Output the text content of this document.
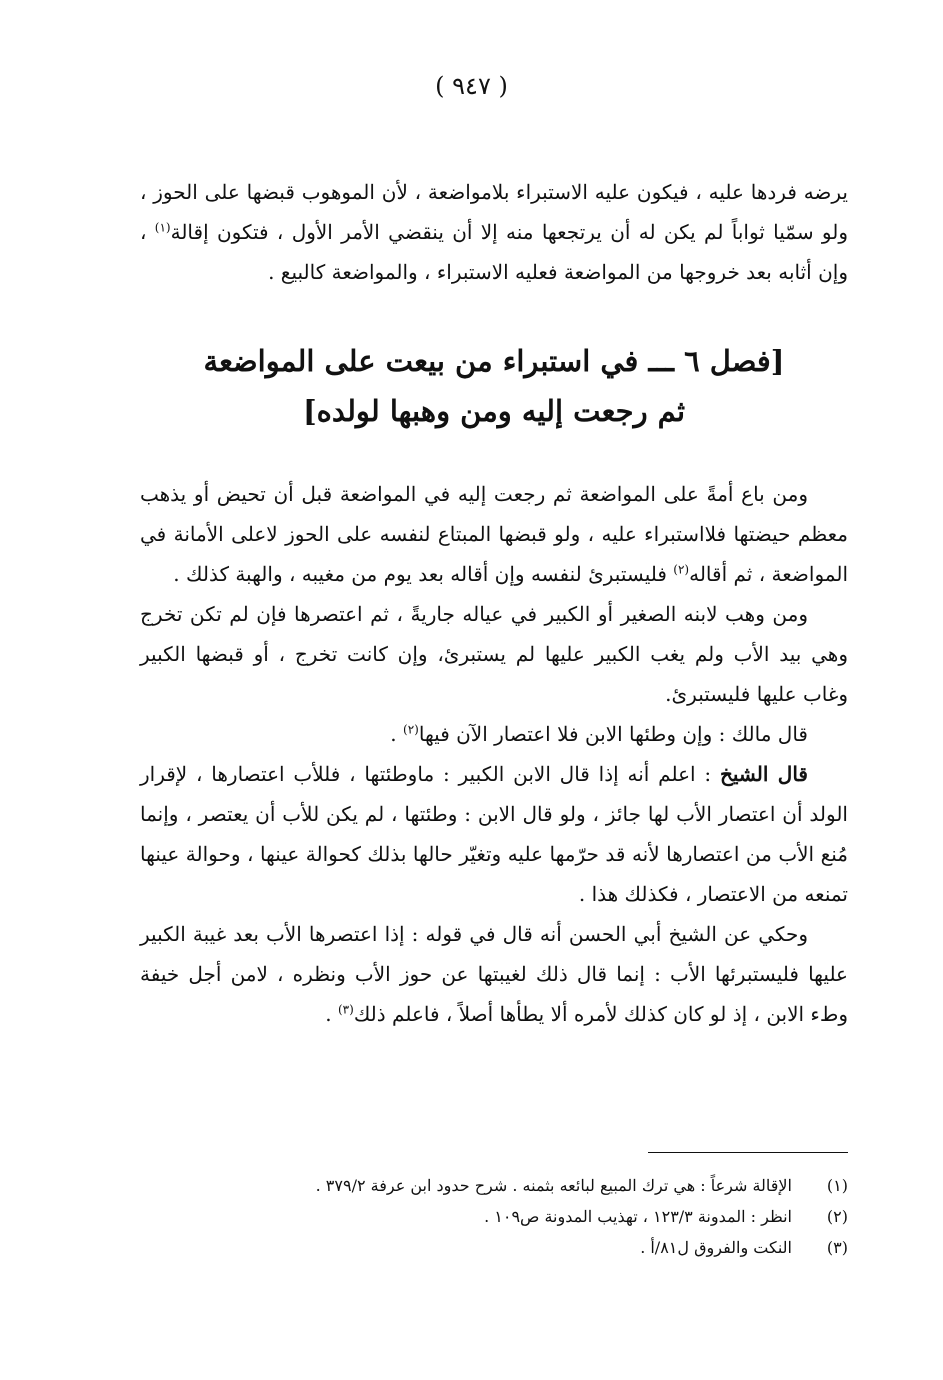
( ٩٤٧ )

يرضه فردها عليه ، فيكون عليه الاستبراء بلامواضعة ، لأن الموهوب قبضها على الحوز ، ولو سمّيا ثواباً لم يكن له أن يرتجعها منه إلا أن ينقضي الأمر الأول ، فتكون إقالة$^{(١)}$ ، وإن أثابه بعد خروجها من المواضعة فعليه الاستبراء ، والمواضعة كالبيع .

[فصل ٦ ـــ في استبراء من بيعت على المواضعة
ثم رجعت إليه ومن وهبها لولده]

ومن باع أمةً على المواضعة ثم رجعت إليه في المواضعة قبل أن تحيض أو يذهب معظم حيضتها فلااستبراء عليه ، ولو قبضها المبتاع لنفسه على الحوز لاعلى الأمانة في المواضعة ، ثم أقاله$^{(٢)}$ فليستبرئ لنفسه وإن أقاله بعد يوم من مغيبه ، والهبة كذلك .

ومن وهب لابنه الصغير أو الكبير في عياله جاريةً ، ثم اعتصرها فإن لم تكن تخرج وهي بيد الأب ولم يغب الكبير عليها لم يستبرئ، وإن كانت تخرج ، أو قبضها الكبير وغاب عليها فليستبرئ.

قال مالك : وإن وطئها الابن فلا اعتصار الآن فيها$^{(٢)}$ .

قال الشيخ : اعلم أنه إذا قال الابن الكبير : ماوطئتها ، فللأب اعتصارها ، لإقرار الولد أن اعتصار الأب لها جائز ، ولو قال الابن : وطئتها ، لم يكن للأب أن يعتصر ، وإنما مُنع الأب من اعتصارها لأنه قد حرّمها عليه وتغيّر حالها بذلك كحوالة عينها ، وحوالة عينها تمنعه من الاعتصار ، فكذلك هذا .

وحكي عن الشيخ أبي الحسن أنه قال في قوله : إذا اعتصرها الأب بعد غيبة الكبير عليها فليستبرئها الأب : إنما قال ذلك لغيبتها عن حوز الأب ونظره ، لامن أجل خيفة وطء الابن ، إذ لو كان كذلك لأمره ألا يطأها أصلاً ، فاعلم ذلك$^{(٣)}$ .

(١)
الإقالة شرعاً : هي ترك المبيع لبائعه بثمنه . شرح حدود ابن عرفة ٣٧٩/٢ .
(٢)
انظر : المدونة ١٢٣/٣ ، تهذيب المدونة ص١٠٩ .
(٣)
النكت والفروق ل٨١/أ .
